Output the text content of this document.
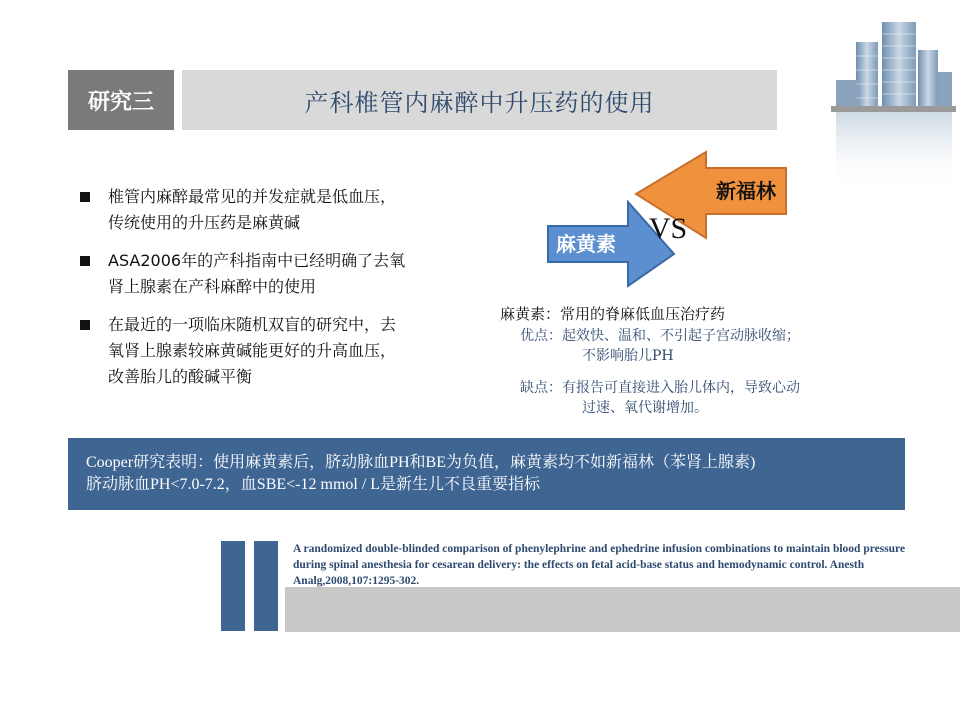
研究三	产科椎管内麻醉中升压药的使用
椎管内麻醉最常见的并发症就是低血压，
传统使用的升压药是麻黄碱
ASA2006年的产科指南中已经明确了去氧
肾上腺素在产科麻醉中的使用
在最近的一项临床随机双盲的研究中，去
氧肾上腺素较麻黄碱能更好的升高血压，
改善胎儿的酸碱平衡
麻黄素
新福林
VS
麻黄素：常用的脊麻低血压治疗药
优点：起效快、温和、不引起子宫动脉收缩；
不影响胎儿PH
缺点：有报告可直接进入胎儿体内，导致心动
过速、氧代谢增加。
Cooper研究表明：使用麻黄素后，脐动脉血PH和BE为负值，麻黄素均不如新福林（苯肾上腺素)
脐动脉血PH<7.0-7.2，血SBE<-12 mmol / L是新生儿不良重要指标
A randomized double-blinded comparison of phenylephrine and ephedrine infusion combinations to maintain blood pressure during spinal anesthesia for cesarean delivery: the effects on fetal acid-base status and hemodynamic control. Anesth Analg,2008,107:1295-302.
